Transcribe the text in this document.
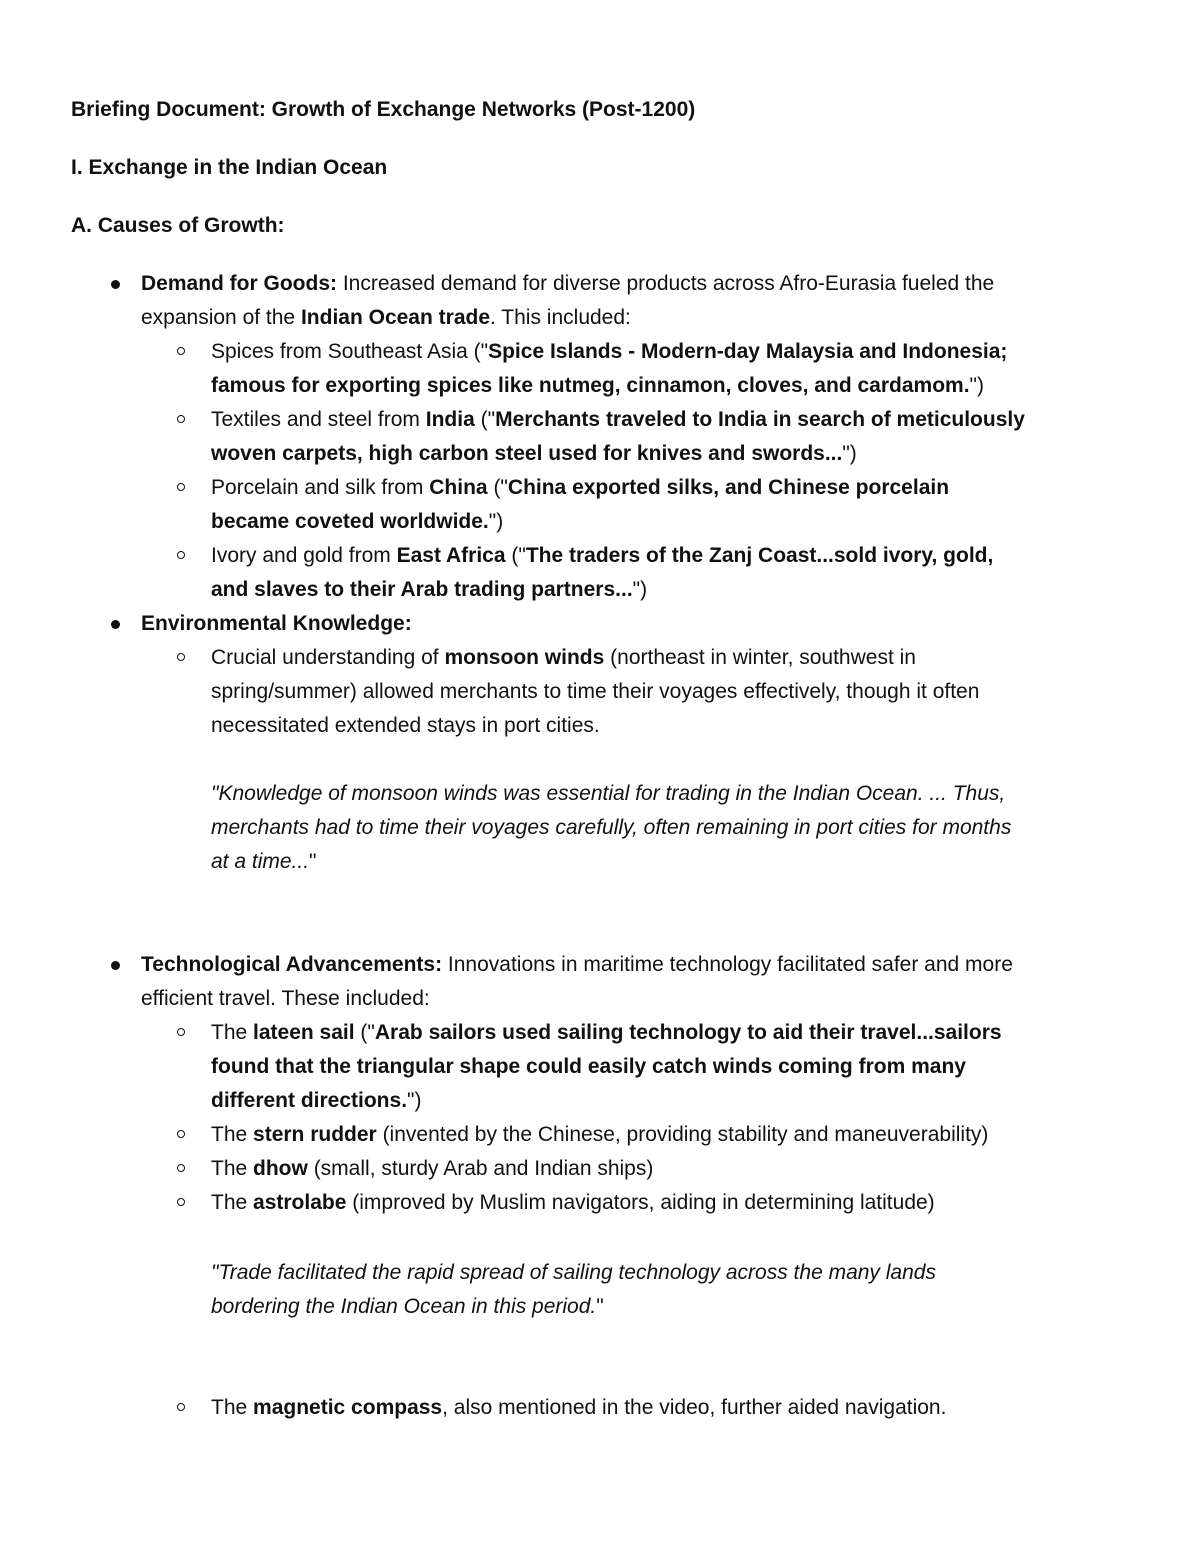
Briefing Document: Growth of Exchange Networks (Post-1200)
I. Exchange in the Indian Ocean
A. Causes of Growth:
Demand for Goods: Increased demand for diverse products across Afro-Eurasia fueled the
expansion of the Indian Ocean trade. This included:
Spices from Southeast Asia ("Spice Islands - Modern-day Malaysia and Indonesia;
famous for exporting spices like nutmeg, cinnamon, cloves, and cardamom.")
Textiles and steel from India ("Merchants traveled to India in search of meticulously
woven carpets, high carbon steel used for knives and swords...")
Porcelain and silk from China ("China exported silks, and Chinese porcelain
became coveted worldwide.")
Ivory and gold from East Africa ("The traders of the Zanj Coast...sold ivory, gold,
and slaves to their Arab trading partners...")
Environmental Knowledge:
Crucial understanding of monsoon winds (northeast in winter, southwest in
spring/summer) allowed merchants to time their voyages effectively, though it often
necessitated extended stays in port cities.
"Knowledge of monsoon winds was essential for trading in the Indian Ocean. ... Thus,
merchants had to time their voyages carefully, often remaining in port cities for months
at a time..."
Technological Advancements: Innovations in maritime technology facilitated safer and more
efficient travel. These included:
The lateen sail ("Arab sailors used sailing technology to aid their travel...sailors
found that the triangular shape could easily catch winds coming from many
different directions.")
The stern rudder (invented by the Chinese, providing stability and maneuverability)
The dhow (small, sturdy Arab and Indian ships)
The astrolabe (improved by Muslim navigators, aiding in determining latitude)
"Trade facilitated the rapid spread of sailing technology across the many lands
bordering the Indian Ocean in this period."
The magnetic compass, also mentioned in the video, further aided navigation.
